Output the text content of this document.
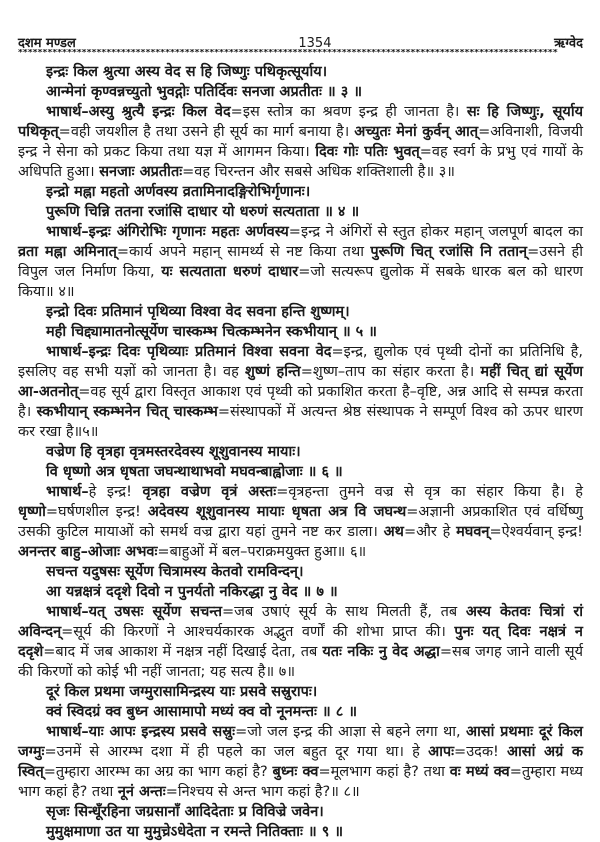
दशम मण्डल	1354	ऋग्वेद
**************************************************************************************************************
इन्द्रः किल श्रुत्या अस्य वेद स हि जिष्णुः पथिकृत्सूर्याय।
आन्मेनां कृण्वन्नच्युतो भुवद्गोः पतिर्दिवः सनजा अप्रतीतः ॥ ३ ॥
भाषार्थ–अस्यु श्रुत्यै इन्द्रः किल वेद=इस स्तोत्र का श्रवण इन्द्र ही जानता है। सः हि जिष्णुः, सूर्याय पथिकृत्=वही जयशील है तथा उसने ही सूर्य का मार्ग बनाया है। अच्युतः मेनां कुर्वन् आत्=अविनाशी, विजयी इन्द्र ने सेना को प्रकट किया तथा यज्ञ में आगमन किया। दिवः गोः पतिः भुवत्=वह स्वर्ग के प्रभु एवं गायों के अधिपति हुआ। सनजाः अप्रतीतः=वह चिरन्तन और सबसे अधिक शक्तिशाली है॥ ३॥
इन्द्रो मह्ना महतो अर्णवस्य व्रतामिनादङ्गिरोभिर्गृणानः।
पुरूणि चिन्नि ततना रजांसि दाधार यो धरुणं सत्यताता ॥ ४ ॥
भाषार्थ–इन्द्रः अंगिरोभिः गृणानः महतः अर्णवस्य=इन्द्र ने अंगिरों से स्तुत होकर महान् जलपूर्ण बादल का व्रता मह्ना अमिनात्=कार्य अपने महान् सामर्थ्य से नष्ट किया तथा पुरूणि चित् रजांसि नि ततान्=उसने ही विपुल जल निर्माण किया, यः सत्यताता धरुणं दाधार=जो सत्यरूप द्युलोक में सबके धारक बल को धारण किया॥ ४॥
इन्द्रो दिवः प्रतिमानं पृथिव्या विश्वा वेद सवना हन्ति शुष्णम्।
मही चिद्द्यामातनोत्सूर्येण चास्कम्भ चित्कम्भनेन स्कभीयान् ॥ ५ ॥
भाषार्थ–इन्द्रः दिवः पृथिव्याः प्रतिमानं विश्वा सवना वेद=इन्द्र, द्युलोक एवं पृथ्वी दोनों का प्रतिनिधि है, इसलिए वह सभी यज्ञों को जानता है। वह शुष्णं हन्ति=शुष्ण–ताप का संहार करता है। महीं चित् द्यां सूर्येण आ-अतनोत्=वह सूर्य द्वारा विस्तृत आकाश एवं पृथ्वी को प्रकाशित करता है–वृष्टि, अन्न आदि से सम्पन्न करता है। स्कभीयान् स्कम्भनेन चित् चास्कम्भ=संस्थापकों में अत्यन्त श्रेष्ठ संस्थापक ने सम्पूर्ण विश्व को ऊपर धारण कर रखा है॥५॥
वज्रेण हि वृत्रहा वृत्रमस्तरदेवस्य शूशुवानस्य मायाः।
वि धृष्णो अत्र धृषता जघन्थाथाभवो मघवन्बाह्वोजाः ॥ ६ ॥
भाषार्थ–हे इन्द्र! वृत्रहा वज्रेण वृत्रं अस्तः=वृत्रहन्ता तुमने वज्र से वृत्र का संहार किया है। हे धृष्णो=घर्षणशील इन्द्र! अदेवस्य शूशुवानस्य मायाः धृषता अत्र वि जघन्थ=अज्ञानी अप्रकाशित एवं वर्धिष्णु उसकी कुटिल मायाओं को समर्थ वज्र द्वारा यहां तुमने नष्ट कर डाला। अथ=और हे मघवन्=ऐश्वर्यवान् इन्द्र! अनन्तर बाहु–ओजाः अभवः=बाहुओं में बल–पराक्रमयुक्त हुआ॥ ६॥
सचन्त यदुषसः सूर्येण चित्रामस्य केतवो रामविन्दन्।
आ यन्नक्षत्रं ददृशे दिवो न पुनर्यतो नकिरद्धा नु वेद ॥ ७ ॥
भाषार्थ–यत् उषसः सूर्येण सचन्त=जब उषाएं सूर्य के साथ मिलती हैं, तब अस्य केतवः चित्रां रां अविन्दन्=सूर्य की किरणों ने आश्चर्यकारक अद्भुत वर्णों की शोभा प्राप्त की। पुनः यत् दिवः नक्षत्रं न ददृशे=बाद में जब आकाश में नक्षत्र नहीं दिखाई देता, तब यतः नकिः नु वेद अद्धा=सब जगह जाने वाली सूर्य की किरणों को कोई भी नहीं जानता; यह सत्य है॥ ७॥
दूरं किल प्रथमा जग्मुरासामिन्द्रस्य याः प्रसवे सस्रुरापः।
क्वं स्विदग्रं क्व बुध्न आसामापो मध्यं क्व वो नूनमन्तः ॥ ८ ॥
भाषार्थ–याः आपः इन्द्रस्य प्रसवे सस्रुः=जो जल इन्द्र की आज्ञा से बहने लगा था, आसां प्रथमाः दूरं किल जग्मुः=उनमें से आरम्भ दशा में ही पहले का जल बहुत दूर गया था। हे आपः=उदक! आसां अग्रं क स्वित्=तुम्हारा आरम्भ का अग्र का भाग कहां है? बुध्नः क्व=मूलभाग कहां है? तथा वः मध्यं क्व=तुम्हारा मध्य भाग कहां है? तथा नूनं अन्तः=निश्चय से अन्त भाग कहां है?॥ ८॥
सृजः सिन्धूँरहिना जग्रसानाँ आदिदेताः प्र विविज्रे जवेन।
मुमुक्षमाणा उत या मुमुच्रेऽधेदेता न रमन्ते नितिक्ताः ॥ ९ ॥
